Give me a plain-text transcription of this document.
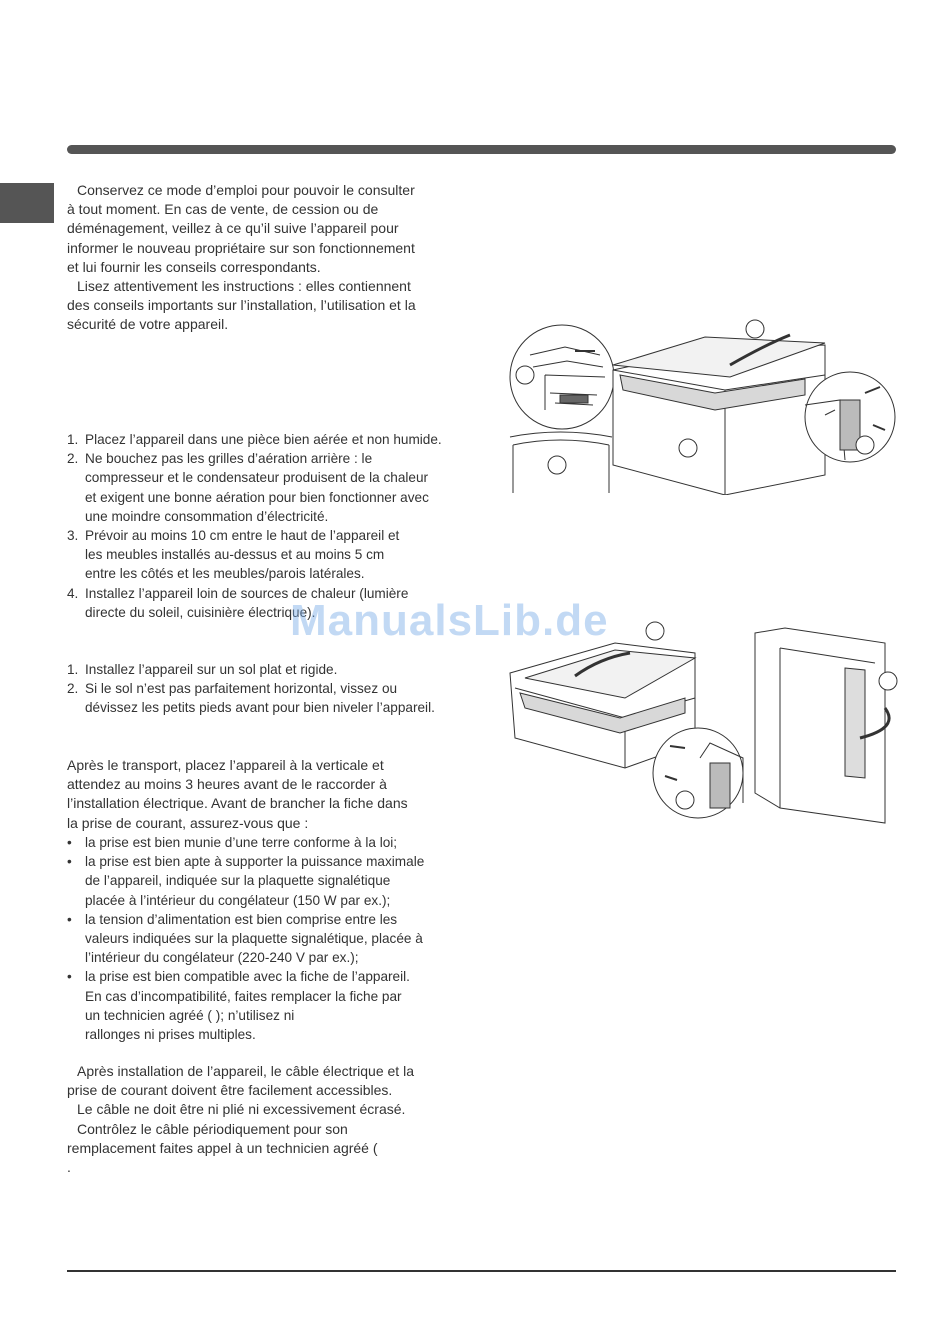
Conservez ce mode d’emploi pour pouvoir le consulter
à tout moment. En cas de vente, de cession ou de
déménagement, veillez à ce qu’il suive l’appareil pour
informer le nouveau propriétaire sur son fonctionnement
et lui fournir les conseils correspondants.
Lisez attentivement les instructions : elles contiennent
des conseils importants sur l’installation, l’utilisation et la
sécurité de votre appareil.

1. Placez l’appareil dans une pièce bien aérée et non humide.
2. Ne bouchez pas les grilles d’aération arrière : le
compresseur et le condensateur produisent de la chaleur
et exigent une bonne aération pour bien fonctionner avec
une moindre consommation d’électricité.
3. Prévoir au moins 10 cm entre le haut de l’appareil et
les meubles installés au-dessus et au moins 5 cm
entre les côtés et les meubles/parois latérales.
4. Installez l’appareil loin de sources de chaleur (lumière
directe du soleil, cuisinière électrique).
1. Installez l’appareil sur un sol plat et rigide.
2. Si le sol n’est pas parfaitement horizontal, vissez ou
dévissez les petits pieds avant pour bien niveler l’appareil.

Après le transport, placez l’appareil à la verticale et
attendez au moins 3 heures avant de le raccorder à
l’installation électrique. Avant de brancher la fiche dans
la prise de courant, assurez-vous que :

• la prise est bien munie d’une terre conforme à la loi;
• la prise est bien apte à supporter la puissance maximale
de l’appareil, indiquée sur la plaquette signalétique
placée à l’intérieur du congélateur (150 W par ex.);
• la tension d’alimentation est bien comprise entre les
valeurs indiquées sur la plaquette signalétique, placée à
l’intérieur du congélateur (220-240 V par ex.);
• la prise est bien compatible avec la fiche de l’appareil.
En cas d’incompatibilité, faites remplacer la fiche par
un technicien agréé ( ); n’utilisez ni
rallonges ni prises multiples.

Après installation de l’appareil, le câble électrique et la
prise de courant doivent être facilement accessibles.
Le câble ne doit être ni plié ni excessivement écrasé.
Contrôlez le câble périodiquement pour son
remplacement faites appel à un technicien agréé (
.

ManualsLib.de
